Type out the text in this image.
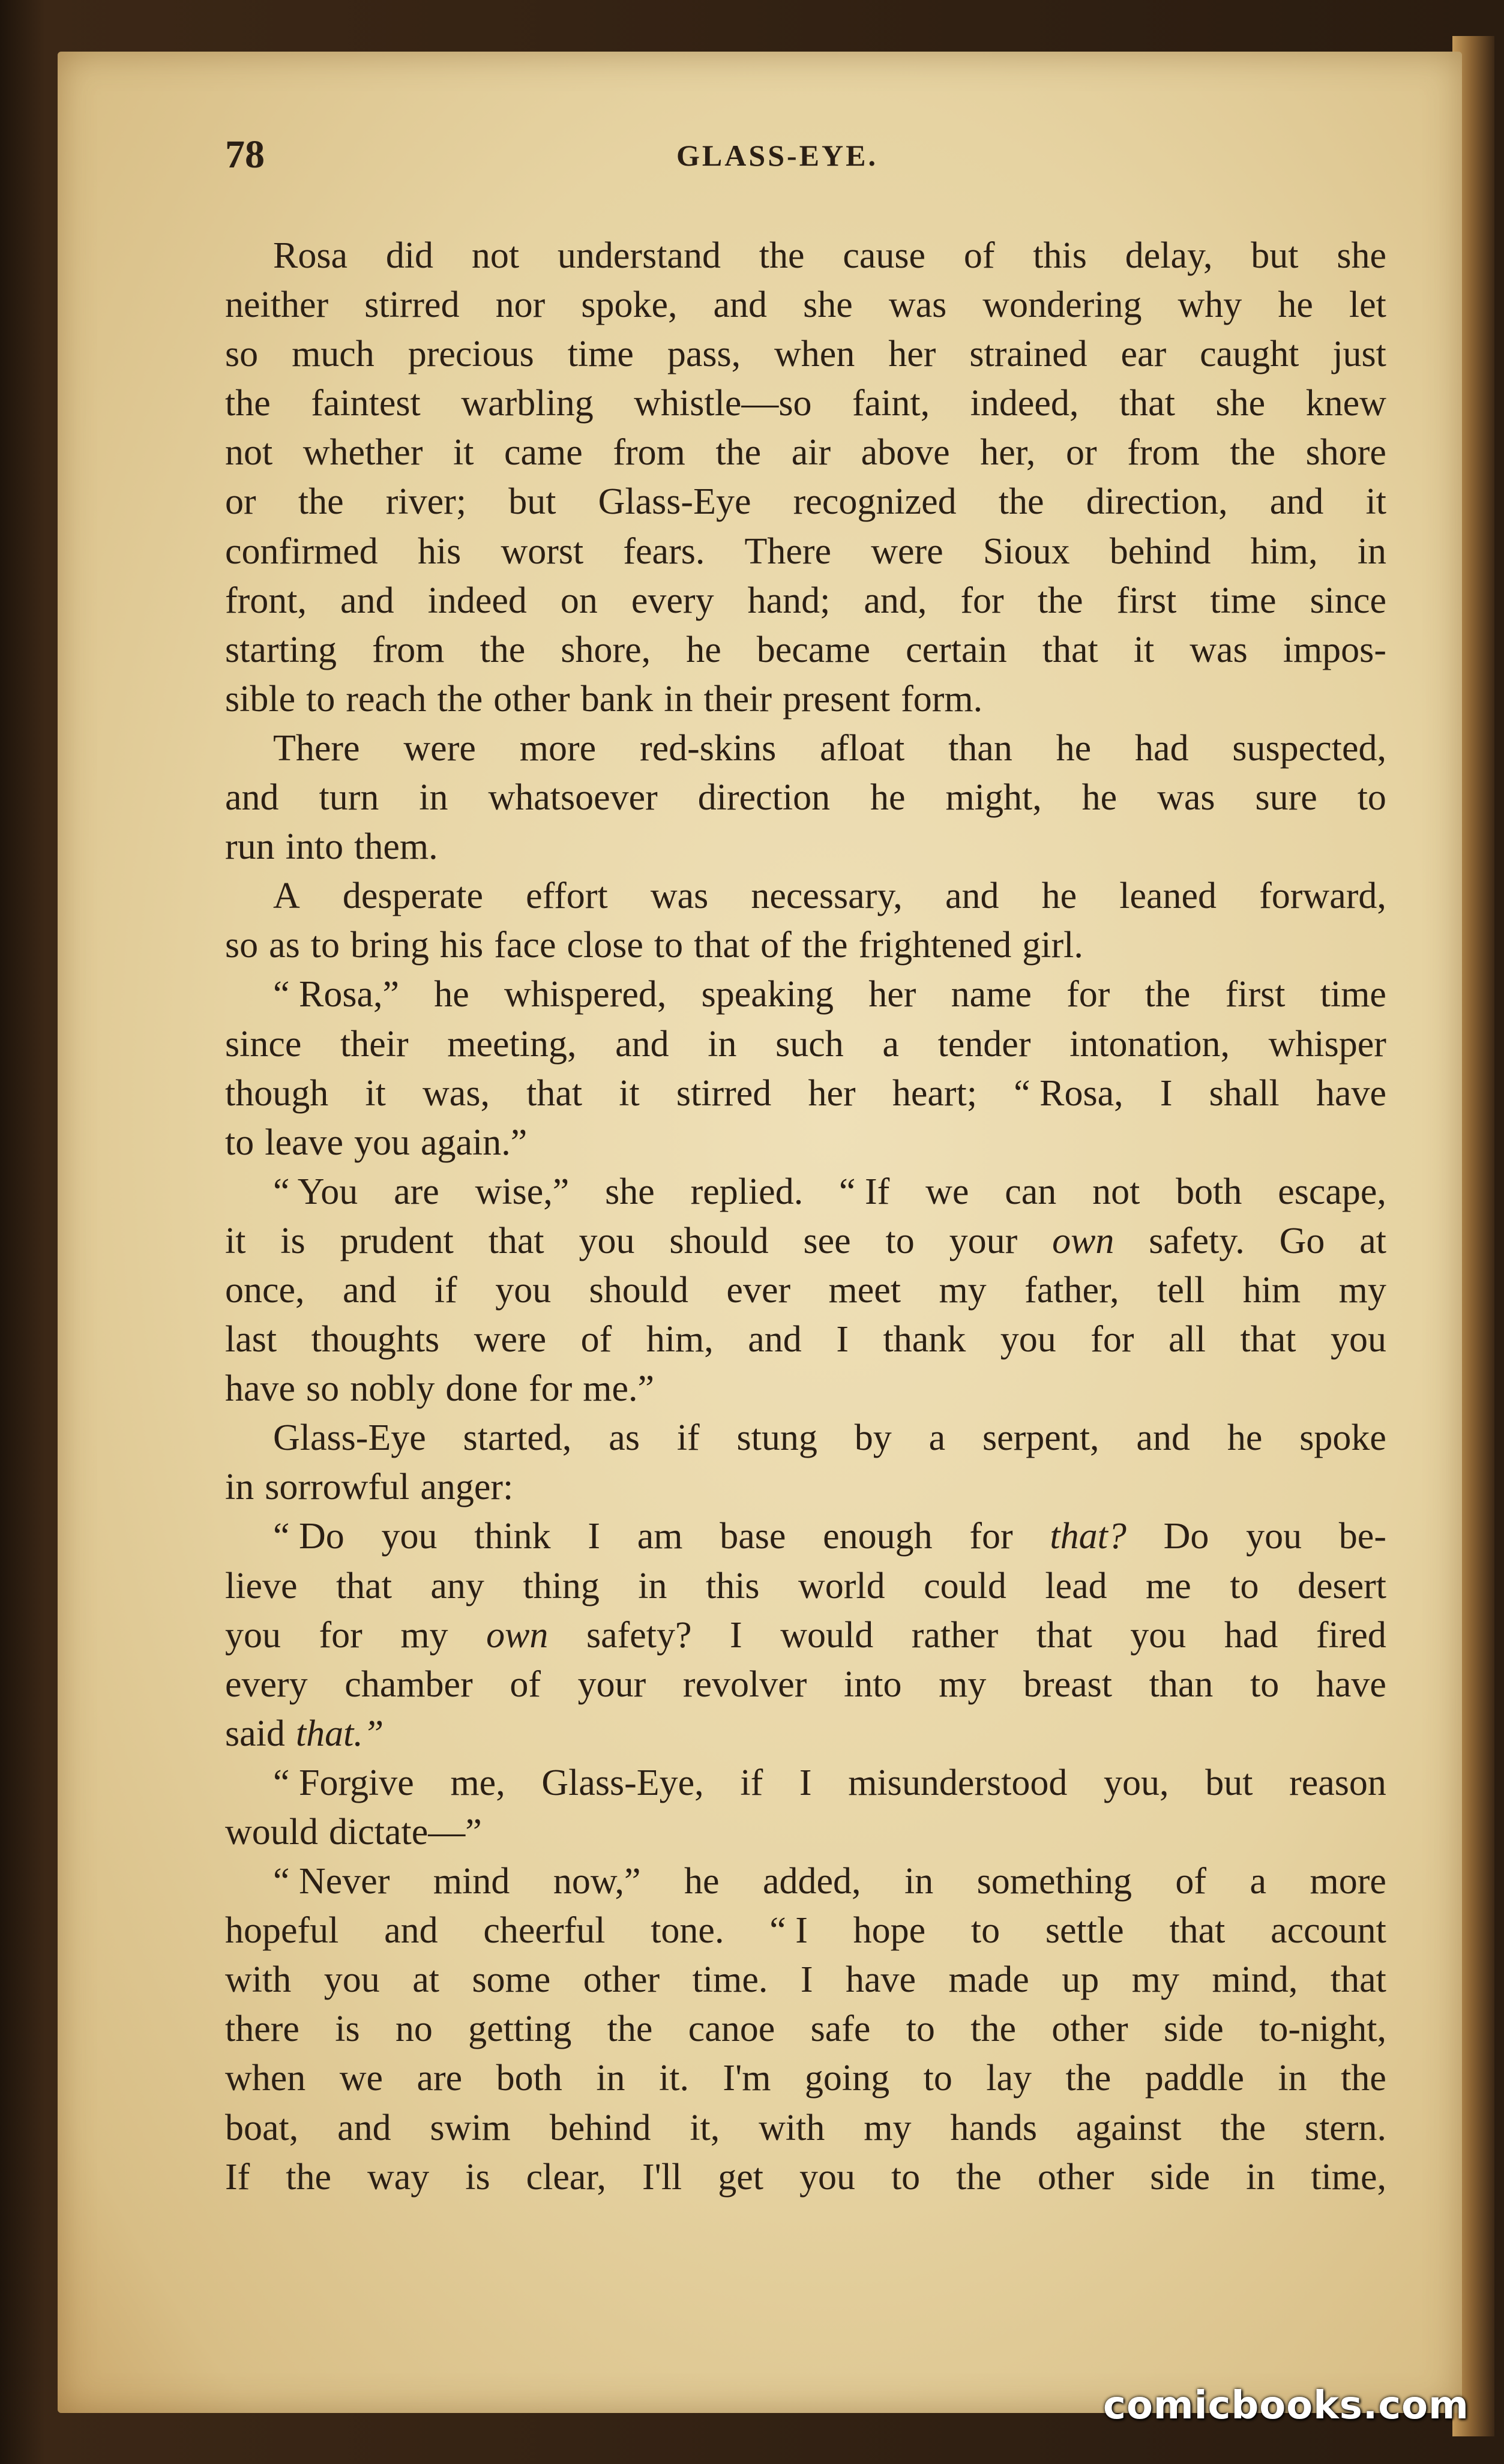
78	GLASS-EYE.
Rosa did not understand the cause of this delay, but she
neither stirred nor spoke, and she was wondering why he let
so much precious time pass, when her strained ear caught just
the faintest warbling whistle—so faint, indeed, that she knew
not whether it came from the air above her, or from the shore
or the river; but Glass-Eye recognized the direction, and it
confirmed his worst fears. There were Sioux behind him, in
front, and indeed on every hand; and, for the first time since
starting from the shore, he became certain that it was impos-
sible to reach the other bank in their present form.
There were more red-skins afloat than he had suspected,
and turn in whatsoever direction he might, he was sure to
run into them.
A desperate effort was necessary, and he leaned forward,
so as to bring his face close to that of the frightened girl.
“ Rosa,” he whispered, speaking her name for the first time
since their meeting, and in such a tender intonation, whisper
though it was, that it stirred her heart; “ Rosa, I shall have
to leave you again.”
“ You are wise,” she replied. “ If we can not both escape,
it is prudent that you should see to your own safety. Go at
once, and if you should ever meet my father, tell him my
last thoughts were of him, and I thank you for all that you
have so nobly done for me.”
Glass-Eye started, as if stung by a serpent, and he spoke
in sorrowful anger:
“ Do you think I am base enough for that? Do you be-
lieve that any thing in this world could lead me to desert
you for my own safety? I would rather that you had fired
every chamber of your revolver into my breast than to have
said that.”
“ Forgive me, Glass-Eye, if I misunderstood you, but reason
would dictate—”
“ Never mind now,” he added, in something of a more
hopeful and cheerful tone. “ I hope to settle that account
with you at some other time. I have made up my mind, that
there is no getting the canoe safe to the other side to-night,
when we are both in it. I'm going to lay the paddle in the
boat, and swim behind it, with my hands against the stern.
If the way is clear, I'll get you to the other side in time,
comicbooks.com
